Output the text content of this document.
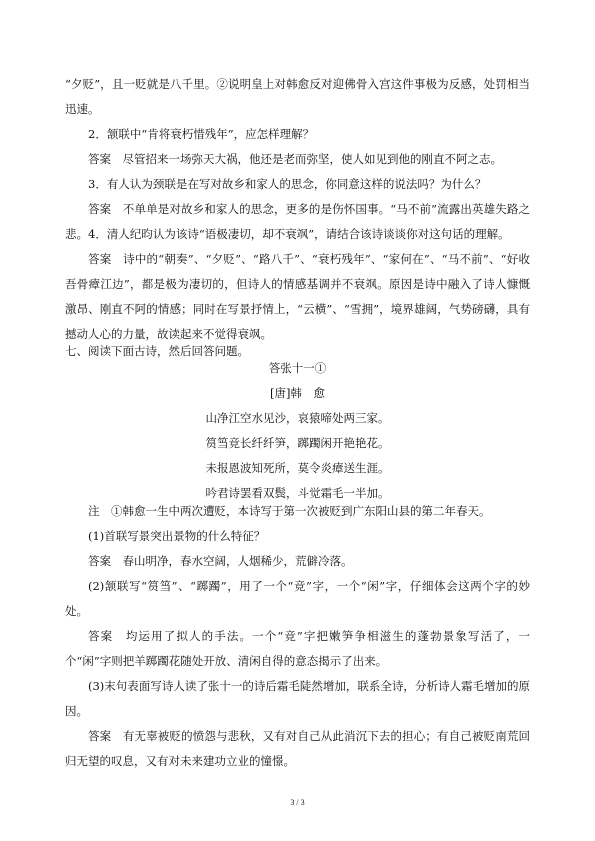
“夕贬”，且一贬就是八千里。②说明皇上对韩愈反对迎佛骨入宫这件事极为反感，处罚相当迅速。

2．颔联中“肯将衰朽惜残年”，应怎样理解？

答案　尽管招来一场弥天大祸，他还是老而弥坚，使人如见到他的刚直不阿之志。

3．有人认为颈联是在写对故乡和家人的思念，你同意这样的说法吗？为什么？

答案　不单单是对故乡和家人的思念，更多的是伤怀国事。“马不前”流露出英雄失路之悲。 4．清人纪昀认为该诗“语极凄切，却不衰飒”，请结合该诗谈谈你对这句话的理解。

答案　诗中的“朝奏”、“夕贬”、“路八千”、“衰朽残年”、“家何在”、“马不前”、“好收吾骨瘴江边”，都是极为凄切的，但诗人的情感基调并不衰飒。原因是诗中融入了诗人慷慨激昂、刚直不阿的情感；同时在写景抒情上，“云横”、“雪拥”，境界雄阔，气势磅礴，具有撼动人心的力量，故读起来不觉得衰飒。

七、阅读下面古诗，然后回答问题。

答张十一①

[唐]韩　愈

山净江空水见沙，哀猿啼处两三家。

筼筜竞长纤纤笋，踯躅闲开艳艳花。

未报恩波知死所，莫令炎瘴送生涯。

吟君诗罢看双鬓，斗觉霜毛一半加。

注　①韩愈一生中两次遭贬，本诗写于第一次被贬到广东阳山县的第二年春天。

(1)首联写景突出景物的什么特征？

答案　春山明净，春水空阔，人烟稀少，荒僻冷落。

(2)颔联写“筼筜”、“踯躅”，用了一个“竞”字，一个“闲”字，仔细体会这两个字的妙处。

答案　均运用了拟人的手法。一个“竞”字把嫩笋争相滋生的蓬勃景象写活了，一个“闲”字则把羊踯躅花随处开放、清闲自得的意态揭示了出来。

(3)末句表面写诗人读了张十一的诗后霜毛陡然增加，联系全诗，分析诗人霜毛增加的原因。

答案　有无辜被贬的愤怨与悲秋，又有对自己从此消沉下去的担心；有自己被贬南荒回归无望的叹息，又有对未来建功立业的憧憬。

3 / 3
